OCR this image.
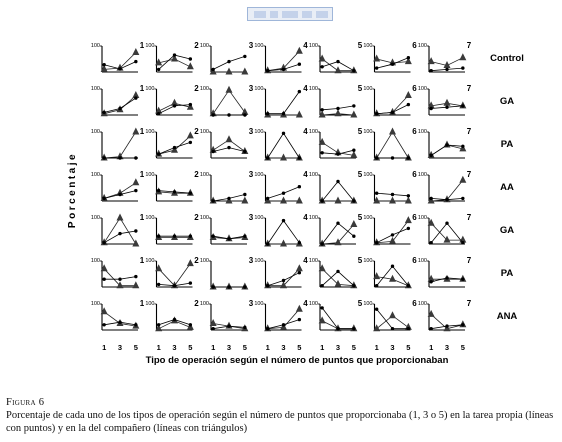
Porcentaje
100	1 100	2 100	3 100	4 100	5 100	6 100	7
100	1 100	2 100	3 100	4 100	5 100	6 100	7
100	1 100	2 100	3 100	4 100	5 100	6 100	7
100	1 100	2 100	3 100	4 100	5 100	6 100	7
100	1 100	2 100	3 100	4 100	5 100	6 100	7
100	1 100	2 100	3 100	4 100	5 100	6 100	7
100	1 100	2 100	3 100	4 100	5 100	6 100	7
Control
GA
PA
AA
GA
PA
ANA
1 3 5 1 3 5 1 3 5 1 3 5 1 3 5 1 3 5 1 3 5
Tipo de operación según el número de puntos que proporcionaban
Figura 6
Porcentaje de cada uno de los tipos de operación según el número de puntos que proporcionaba (1, 3 o 5) en la tarea propia (líneas con puntos) y en la del compañero (líneas con triángulos)
